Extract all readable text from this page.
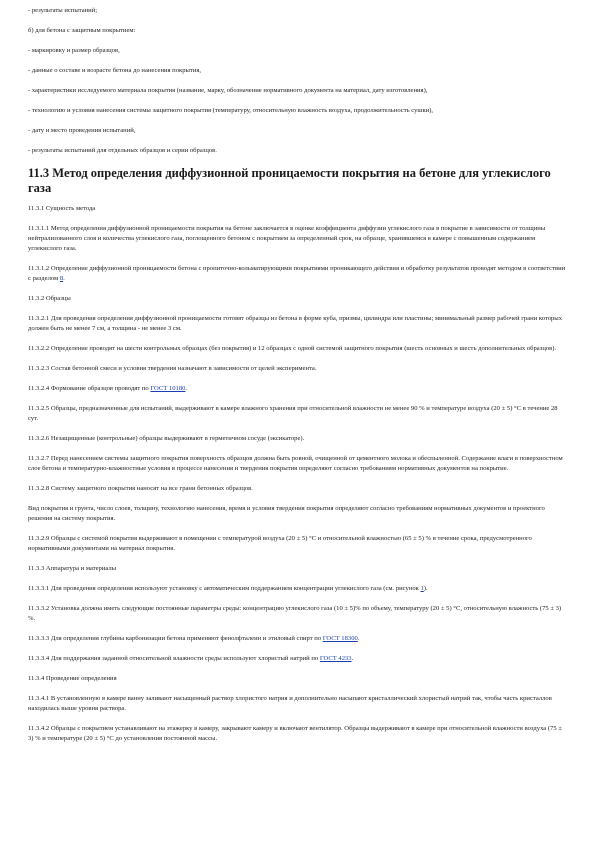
- результаты испытаний;

б) для бетона с защитным покрытием:

- маркировку и размер образцов,

- данные о составе и возрасте бетона до нанесения покрытия,

- характеристики исследуемого материала покрытия (название, марку, обозначение нормативного документа на материал, дату изготовления),

- технологию и условия нанесения системы защитного покрытия (температуру, относительную влажность воздуха, продолжительность сушки),

- дату и место проведения испытаний,

- результаты испытаний для отдельных образцов и серии образцов.

11.3 Метод определения диффузионной проницаемости покрытия на бетоне для углекислого газа

11.3.1 Сущность метода

11.3.1.1 Метод определения диффузионной проницаемости покрытия на бетоне заключается в оценке коэффициента диффузии углекислого газа в покрытие в зависимости от толщины нейтрализованного слоя и количества углекислого газа, поглощенного бетоном с покрытием за определенный срок, на образце, хранившемся в камере с повышенным содержанием углекислого газа.

11.3.1.2 Определение диффузионной проницаемости бетона с пропиточно-кольматирующими покрытиями проникающего действия и обработку результатов проводят методом в соответствии с разделом 8.

11.3.2 Образцы

11.3.2.1 Для проведения определения диффузионной проницаемости готовят образцы из бетона в форме куба, призмы, цилиндра или пластины; минимальный размер рабочей грани которых должен быть не менее 7 см, а толщина - не менее 3 см.

11.3.2.2 Определение проводят на шести контрольных образцах (без покрытия) и 12 образцах с одной системой защитного покрытия (шесть основных и шесть дополнительных образцов).

11.3.2.3 Состав бетонной смеси и условия твердения назначают в зависимости от целей эксперимента.

11.3.2.4 Формование образцов проводят по ГОСТ 10180.

11.3.2.5 Образцы, предназначенные для испытаний, выдерживают в камере влажного хранения при относительной влажности не менее 90 % и температуре воздуха (20 ± 5) °С в течение 28 сут.

11.3.2.6 Незащищенные (контрольные) образцы выдерживают в герметичном сосуде (эксикаторе).

11.3.2.7 Перед нанесением системы защитного покрытия поверхность образцов должна быть ровной, очищенной от цементного молока и обеспыленной. Содержание влаги в поверхностном слое бетона и температурно-влажностные условия в процессе нанесения и твердения покрытия определяют согласно требованиям нормативных документов на покрытие.

11.3.2.8 Систему защитного покрытия наносят на все грани бетонных образцов.

Вид покрытия и грунта, число слоев, толщину, технологию нанесения, время и условия твердения покрытия определяют согласно требованиям нормативных документов и проектного решения на систему покрытия.

11.3.2.9 Образцы с системой покрытия выдерживают в помещении с температурой воздуха (20 ± 5) °С и относительной влажностью (65 ± 5) % в течение срока, предусмотренного нормативными документами на материал покрытия.

11.3.3 Аппаратура и материалы

11.3.3.1 Для проведения определения используют установку с автоматическим поддержанием концентрации углекислого газа (см. рисунок 1).

11.3.3.2 Установка должна иметь следующие постоянные параметры среды: концентрацию углекислого газа (10 ± 5)% по объему, температуру (20 ± 5) °С, относительную влажность (75 ± 3) %.

11.3.3.3 Для определения глубины карбонизации бетона применяют фенолфталеин и этиловый спирт по ГОСТ 18300.

11.3.3.4 Для поддержания заданной относительной влажности среды используют хлористый натрий по ГОСТ 4233.

11.3.4 Проведение определения

11.3.4.1 В установленную в камере ванну заливают насыщенный раствор хлористого натрия и дополнительно насыпают кристаллический хлористый натрий так, чтобы часть кристаллов находилась выше уровня раствора.

11.3.4.2 Образцы с покрытием устанавливают на этажерку в камеру, закрывают камеру и включают вентилятор. Образцы выдерживают в камере при относительной влажности воздуха (75 ± 3) % и температуре (20 ± 5) °С до установления постоянной массы.
